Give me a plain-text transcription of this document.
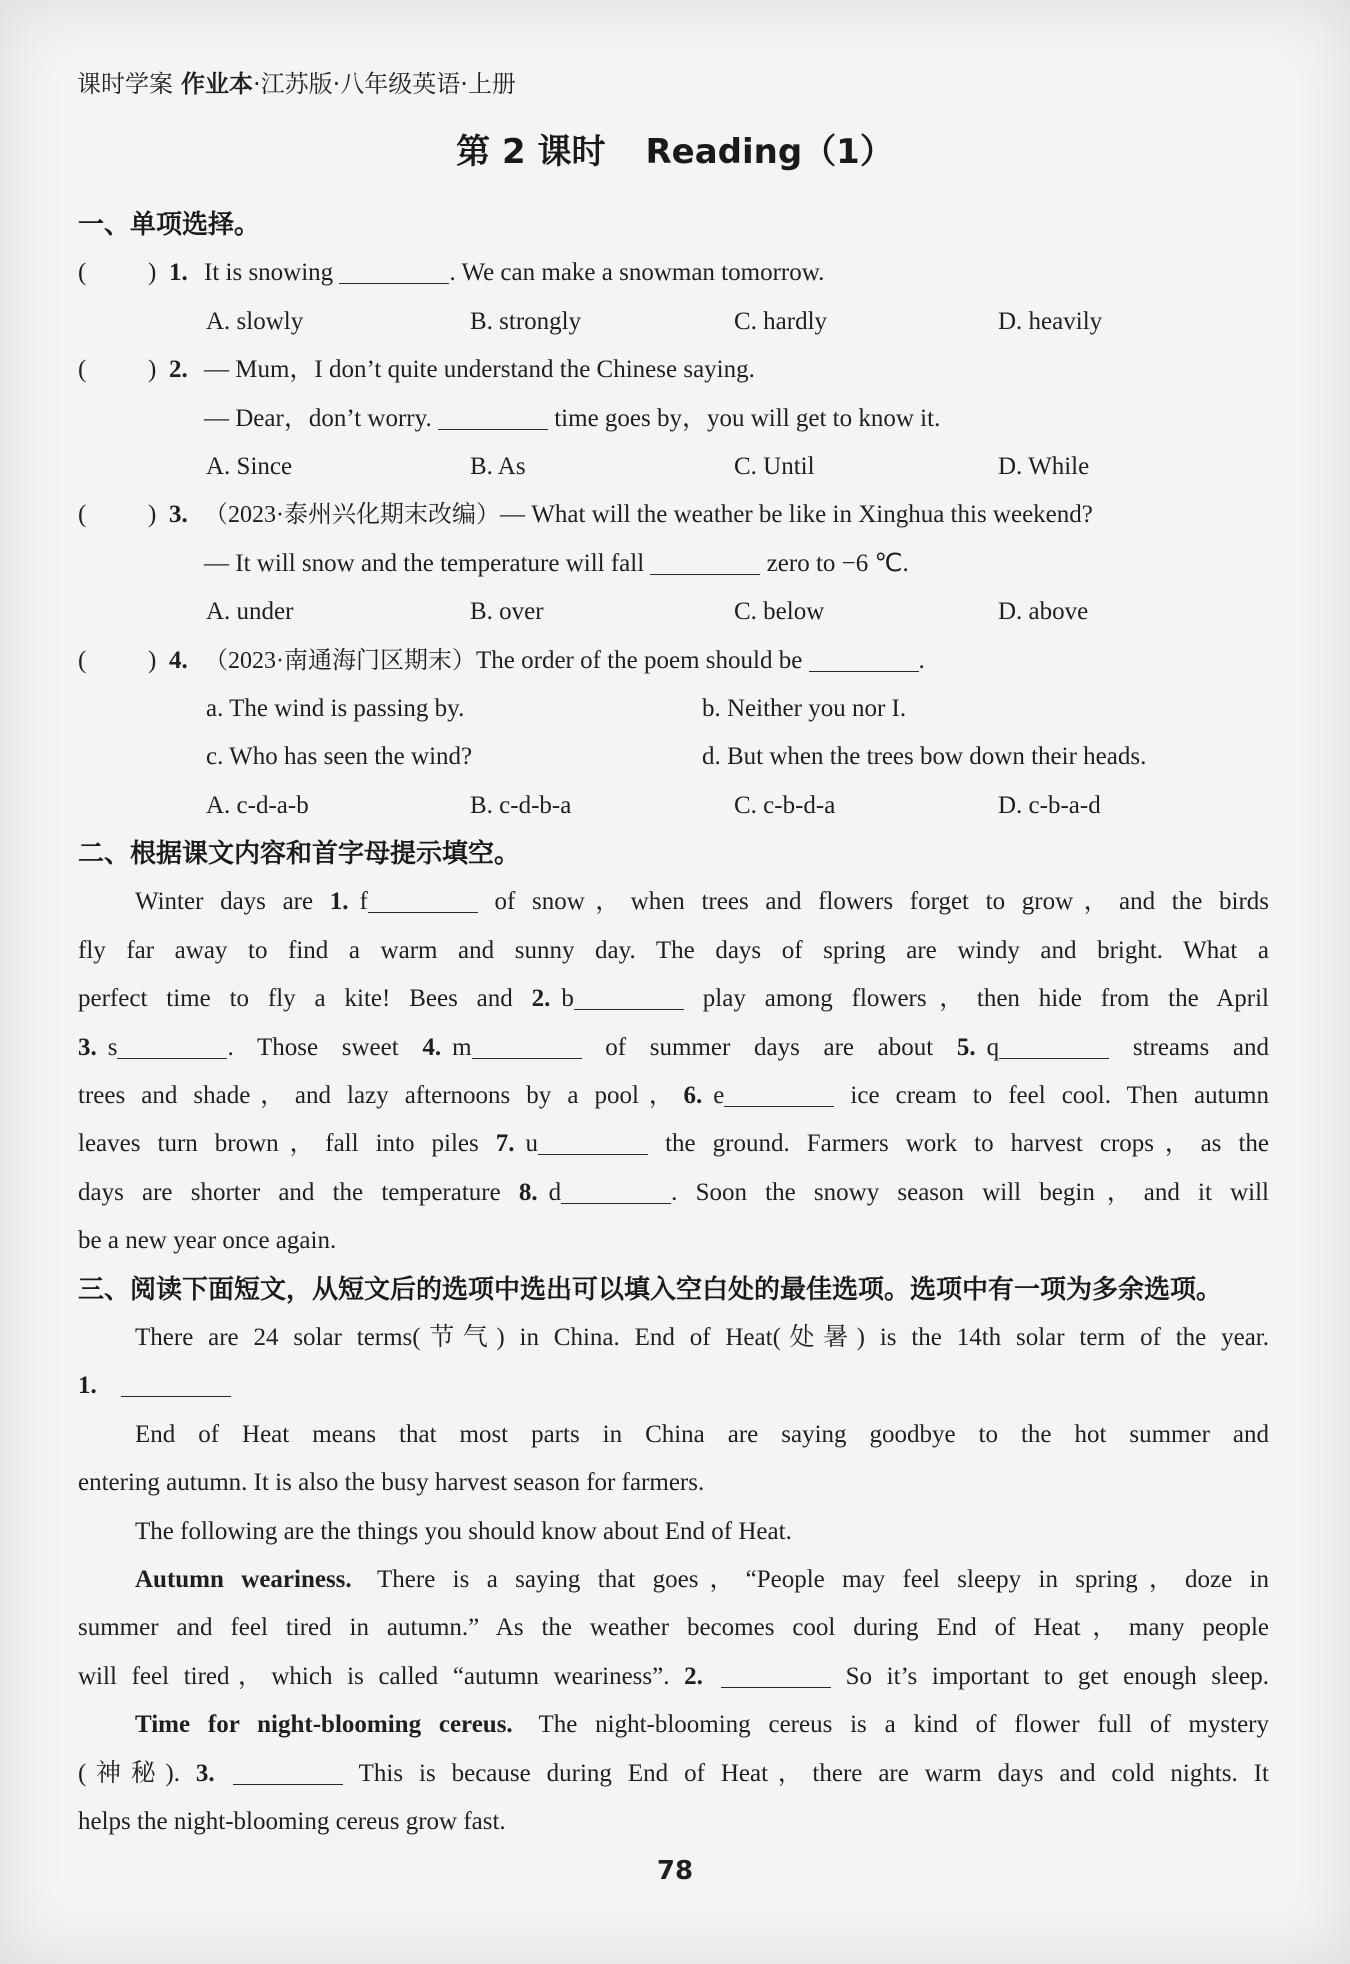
课时学案 作业本·江苏版·八年级英语·上册
第 2 课时 Reading（1）
一、单项选择。
( ) 1. It is snowing	. We can make a snowman tomorrow.
A. slowly	B. strongly	C. hardly	D. heavily
( ) 2. — Mum，I don’t quite understand the Chinese saying.
— Dear，don’t worry.	time goes by，you will get to know it.
A. Since	B. As	C. Until	D. While
( ) 3. （2023·泰州兴化期末改编）— What will the weather be like in Xinghua this weekend?
— It will snow and the temperature will fall	zero to −6 ℃.
A. under	B. over	C. below	D. above
( ) 4. （2023·南通海门区期末）The order of the poem should be	.
a. The wind is passing by.	b. Neither you nor I.
c. Who has seen the wind?	d. But when the trees bow down their heads.
A. c-d-a-b	B. c-d-b-a	C. c-b-d-a	D. c-b-a-d
二、根据课文内容和首字母提示填空。
Winter days are 1. f	of snow，when trees and flowers forget to grow，and the birds
fly far away to find a warm and sunny day. The days of spring are windy and bright. What a
perfect time to fly a kite! Bees and 2. b	play among flowers，then hide from the April
3. s	. Those sweet 4. m	of summer days are about 5. q	streams and
trees and shade，and lazy afternoons by a pool，6. e	ice cream to feel cool. Then autumn
leaves turn brown，fall into piles 7. u	the ground. Farmers work to harvest crops，as the
days are shorter and the temperature 8. d	. Soon the snowy season will begin，and it will
be a new year once again.
三、阅读下面短文，从短文后的选项中选出可以填入空白处的最佳选项。选项中有一项为多余选项。
There are 24 solar terms(节气) in China. End of Heat(处暑) is the 14th solar term of the year.
1.
End of Heat means that most parts in China are saying goodbye to the hot summer and
entering autumn. It is also the busy harvest season for farmers.
The following are the things you should know about End of Heat.
Autumn weariness. There is a saying that goes，“People may feel sleepy in spring，doze in
summer and feel tired in autumn.” As the weather becomes cool during End of Heat，many people
will feel tired，which is called “autumn weariness”. 2.	So it’s important to get enough sleep.
Time for night-blooming cereus. The night-blooming cereus is a kind of flower full of mystery
(神秘). 3.	This is because during End of Heat，there are warm days and cold nights. It
helps the night-blooming cereus grow fast.
78
